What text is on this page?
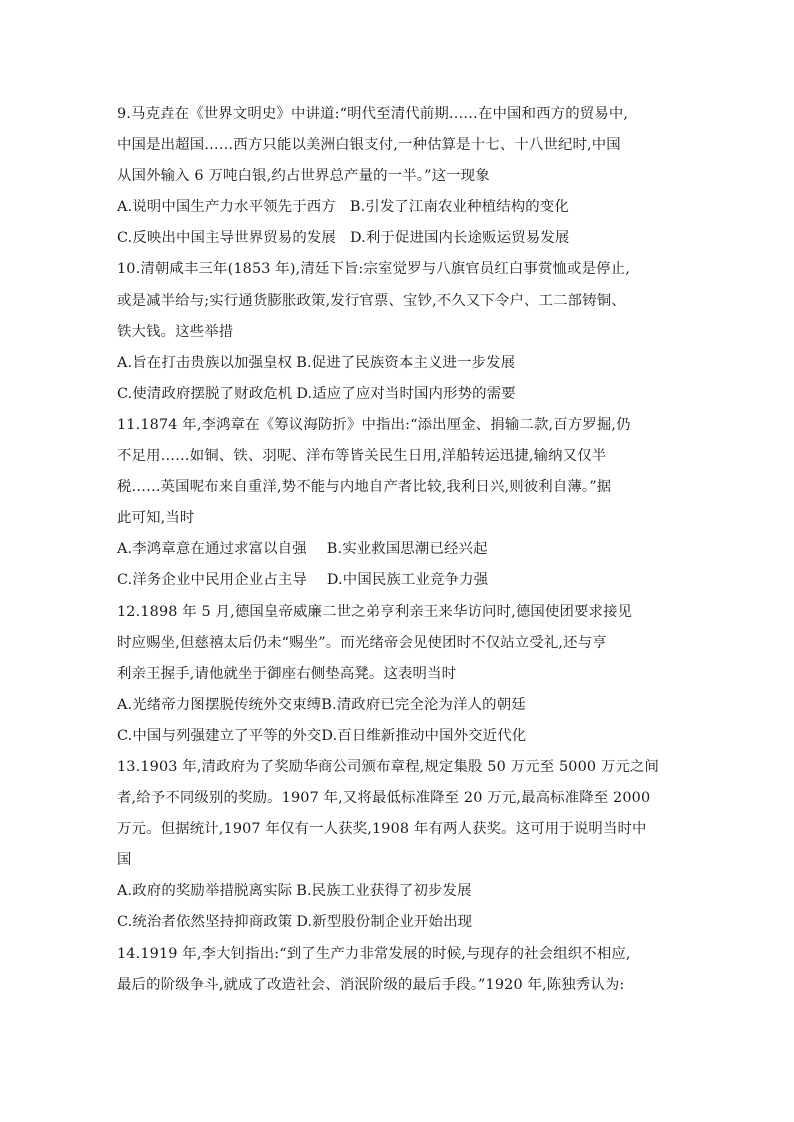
9.马克垚在《世界文明史》中讲道:“明代至清代前期……在中国和西方的贸易中,
中国是出超国……西方只能以美洲白银支付,一种估算是十七、十八世纪时,中国
从国外输入 6 万吨白银,约占世界总产量的一半。”这一现象
A.说明中国生产力水平领先于西方 B.引发了江南农业种植结构的变化
C.反映出中国主导世界贸易的发展 D.利于促进国内长途贩运贸易发展
10.清朝咸丰三年(1853 年),清廷下旨:宗室觉罗与八旗官员红白事赏恤或是停止,
或是减半给与;实行通货膨胀政策,发行官票、宝钞,不久又下令户、工二部铸铜、
铁大钱。这些举措
A.旨在打击贵族以加强皇权 B.促进了民族资本主义进一步发展
C.使清政府摆脱了财政危机 D.适应了应对当时国内形势的需要
11.1874 年,李鸿章在《筹议海防折》中指出:“添出厘金、捐输二款,百方罗掘,仍
不足用……如铜、铁、羽呢、洋布等皆关民生日用,洋船转运迅捷,输纳又仅半
税……英国呢布来自重洋,势不能与内地自产者比较,我利日兴,则彼利自薄。”据
此可知,当时
A.李鸿章意在通过求富以自强 B.实业救国思潮已经兴起
C.洋务企业中民用企业占主导 D.中国民族工业竞争力强
12.1898 年 5 月,德国皇帝威廉二世之弟亨利亲王来华访问时,德国使团要求接见
时应赐坐,但慈禧太后仍未“赐坐”。而光绪帝会见使团时不仅站立受礼,还与亨
利亲王握手,请他就坐于御座右侧垫高凳。这表明当时
A.光绪帝力图摆脱传统外交束缚 B.清政府已完全沦为洋人的朝廷
C.中国与列强建立了平等的外交 D.百日维新推动中国外交近代化
13.1903 年,清政府为了奖励华商公司颁布章程,规定集股 50 万元至 5000 万元之间
者,给予不同级别的奖励。1907 年,又将最低标准降至 20 万元,最高标准降至 2000
万元。但据统计,1907 年仅有一人获奖,1908 年有两人获奖。这可用于说明当时中
国
A.政府的奖励举措脱离实际 B.民族工业获得了初步发展
C.统治者依然坚持抑商政策 D.新型股份制企业开始出现
14.1919 年,李大钊指出:“到了生产力非常发展的时候,与现存的社会组织不相应,
最后的阶级争斗,就成了改造社会、消泯阶级的最后手段。”1920 年,陈独秀认为:
